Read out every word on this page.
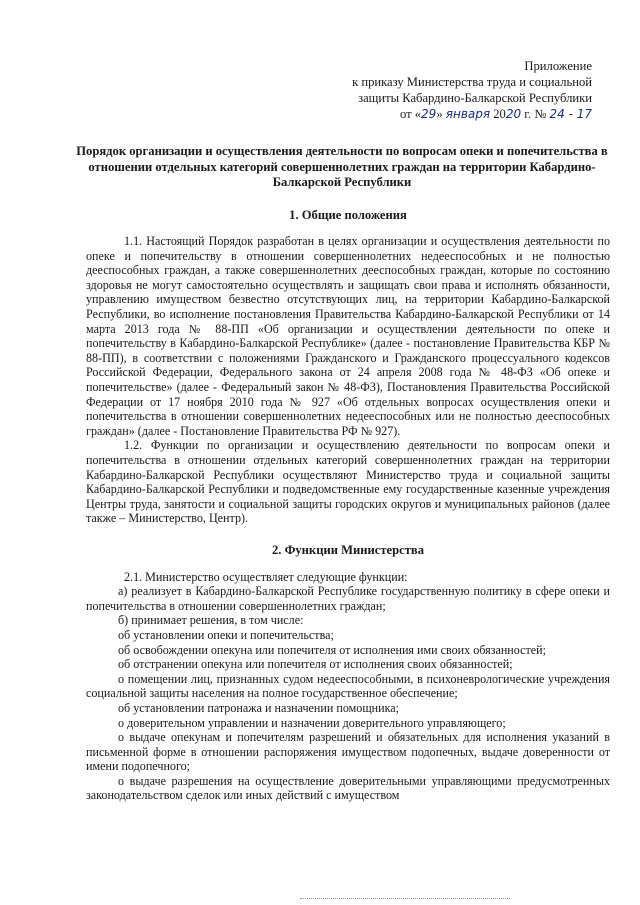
Приложение
к приказу Министерства труда и социальной
защиты Кабардино-Балкарской Республики
от «29» января 2020 г. № 24 - 17
Порядок организации и осуществления деятельности по вопросам опеки и попечительства в отношении отдельных категорий совершеннолетних граждан на территории Кабардино-Балкарской Республики
1. Общие положения

1.1. Настоящий Порядок разработан в целях организации и осуществления деятельности по опеке и попечительству в отношении совершеннолетних недееспособных и не полностью дееспособных граждан, а также совершеннолетних дееспособных граждан, которые по состоянию здоровья не могут самостоятельно осуществлять и защищать свои права и исполнять обязанности, управлению имуществом безвестно отсутствующих лиц, на территории Кабардино-Балкарской Республики, во исполнение постановления Правительства Кабардино-Балкарской Республики от 14 марта 2013 года № 88-ПП «Об организации и осуществлении деятельности по опеке и попечительству в Кабардино-Балкарской Республике» (далее - постановление Правительства КБР № 88-ПП), в соответствии с положениями Гражданского и Гражданского процессуального кодексов Российской Федерации, Федерального закона от 24 апреля 2008 года № 48-ФЗ «Об опеке и попечительстве» (далее - Федеральный закон № 48-ФЗ), Постановления Правительства Российской Федерации от 17 ноября 2010 года № 927 «Об отдельных вопросах осуществления опеки и попечительства в отношении совершеннолетних недееспособных или не полностью дееспособных граждан» (далее - Постановление Правительства РФ № 927).

1.2. Функции по организации и осуществлению деятельности по вопросам опеки и попечительства в отношении отдельных категорий совершеннолетних граждан на территории Кабардино-Балкарской Республики осуществляют Министерство труда и социальной защиты Кабардино-Балкарской Республики и подведомственные ему государственные казенные учреждения Центры труда, занятости и социальной защиты городских округов и муниципальных районов (далее также – Министерство, Центр).

2. Функции Министерства

2.1. Министерство осуществляет следующие функции:

а) реализует в Кабардино-Балкарской Республике государственную политику в сфере опеки и попечительства в отношении совершеннолетних граждан;

б) принимает решения, в том числе:

об установлении опеки и попечительства;

об освобождении опекуна или попечителя от исполнения ими своих обязанностей;

об отстранении опекуна или попечителя от исполнения своих обязанностей;

о помещении лиц, признанных судом недееспособными, в психоневрологические учреждения социальной защиты населения на полное государственное обеспечение;

об установлении патронажа и назначении помощника;

о доверительном управлении и назначении доверительного управляющего;

о выдаче опекунам и попечителям разрешений и обязательных для исполнения указаний в письменной форме в отношении распоряжения имуществом подопечных, выдаче доверенности от имени подопечного;

о выдаче разрешения на осуществление доверительными управляющими предусмотренных законодательством сделок или иных действий с имуществом
